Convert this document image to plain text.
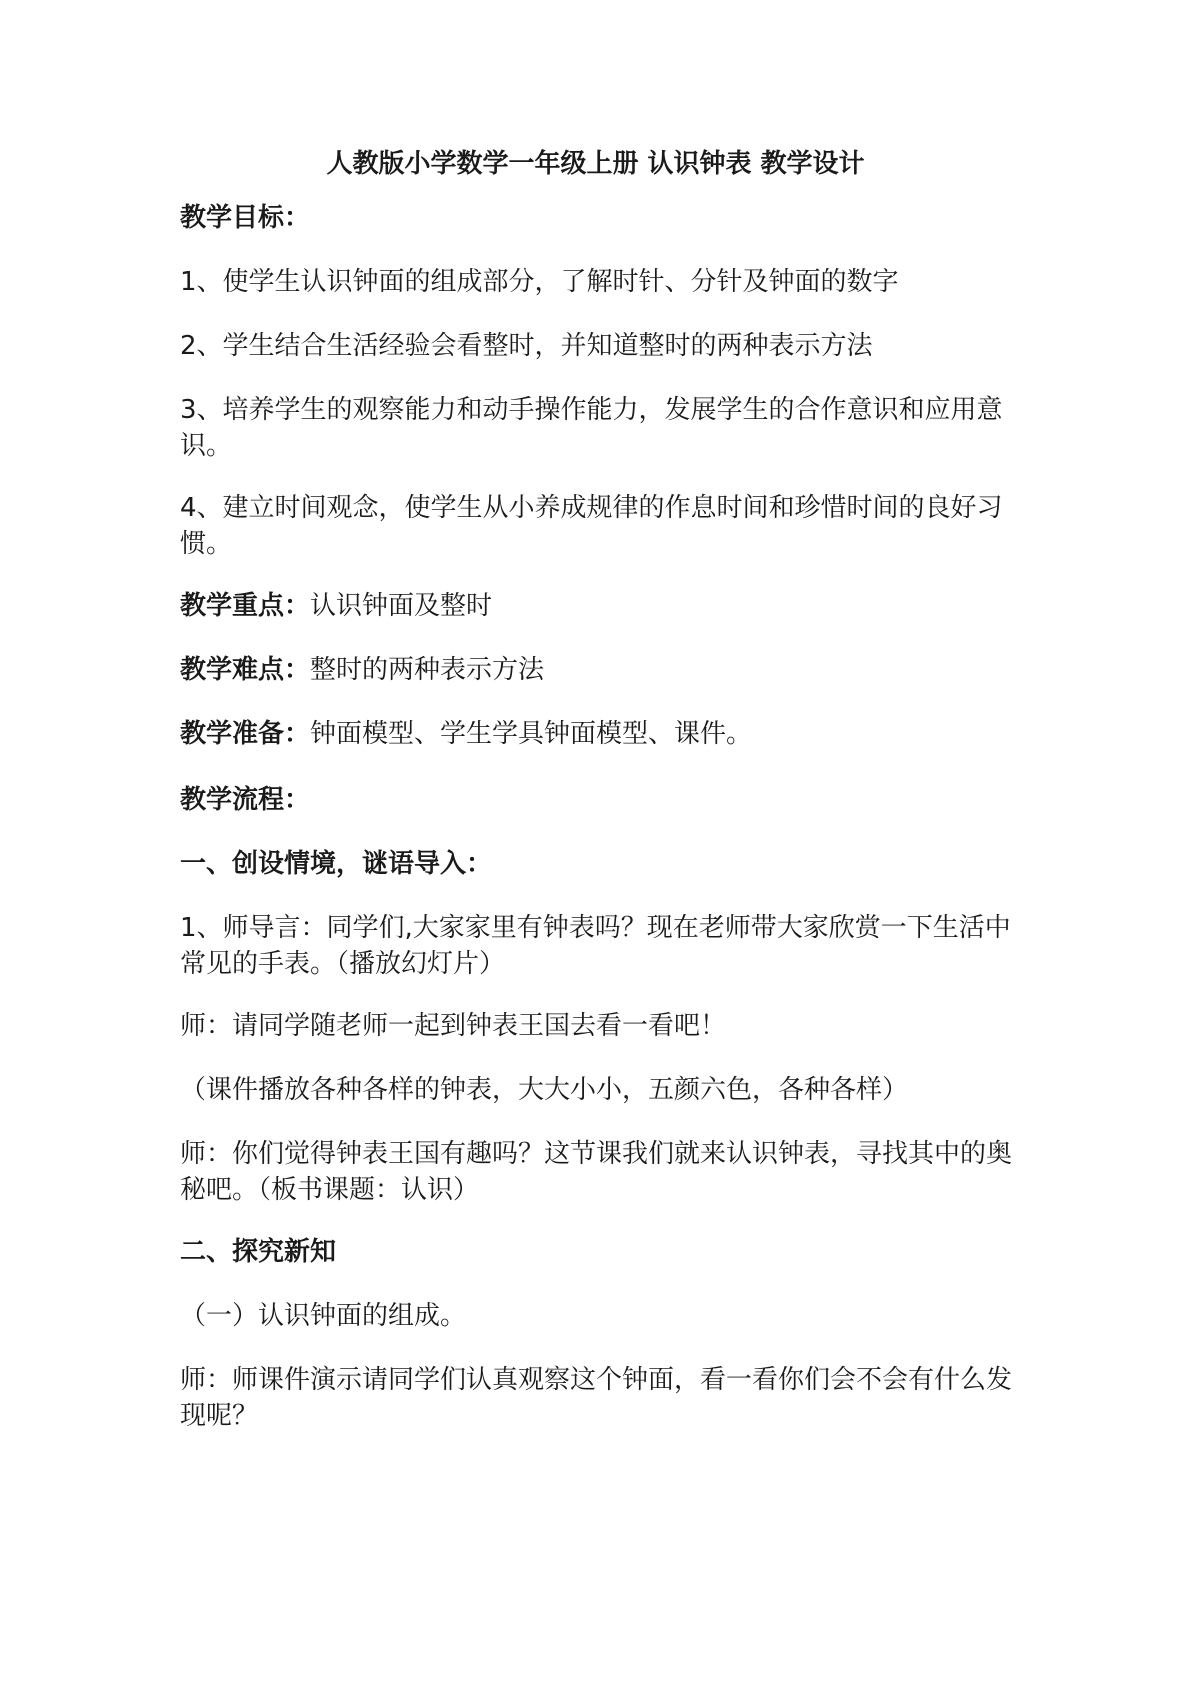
人教版小学数学一年级上册 认识钟表 教学设计

教学目标：

1、使学生认识钟面的组成部分，了解时针、分针及钟面的数字

2、学生结合生活经验会看整时，并知道整时的两种表示方法

3、培养学生的观察能力和动手操作能力，发展学生的合作意识和应用意识。

4、建立时间观念，使学生从小养成规律的作息时间和珍惜时间的良好习惯。

教学重点：认识钟面及整时

教学难点：整时的两种表示方法

教学准备：钟面模型、学生学具钟面模型、课件。

教学流程：

一、创设情境，谜语导入：

1、师导言：同学们,大家家里有钟表吗？现在老师带大家欣赏一下生活中常见的手表。（播放幻灯片）

师：请同学随老师一起到钟表王国去看一看吧！

（课件播放各种各样的钟表，大大小小，五颜六色，各种各样）

师：你们觉得钟表王国有趣吗？这节课我们就来认识钟表，寻找其中的奥秘吧。（板书课题：认识）

二、探究新知

（一）认识钟面的组成。

师：师课件演示请同学们认真观察这个钟面，看一看你们会不会有什么发现呢？
